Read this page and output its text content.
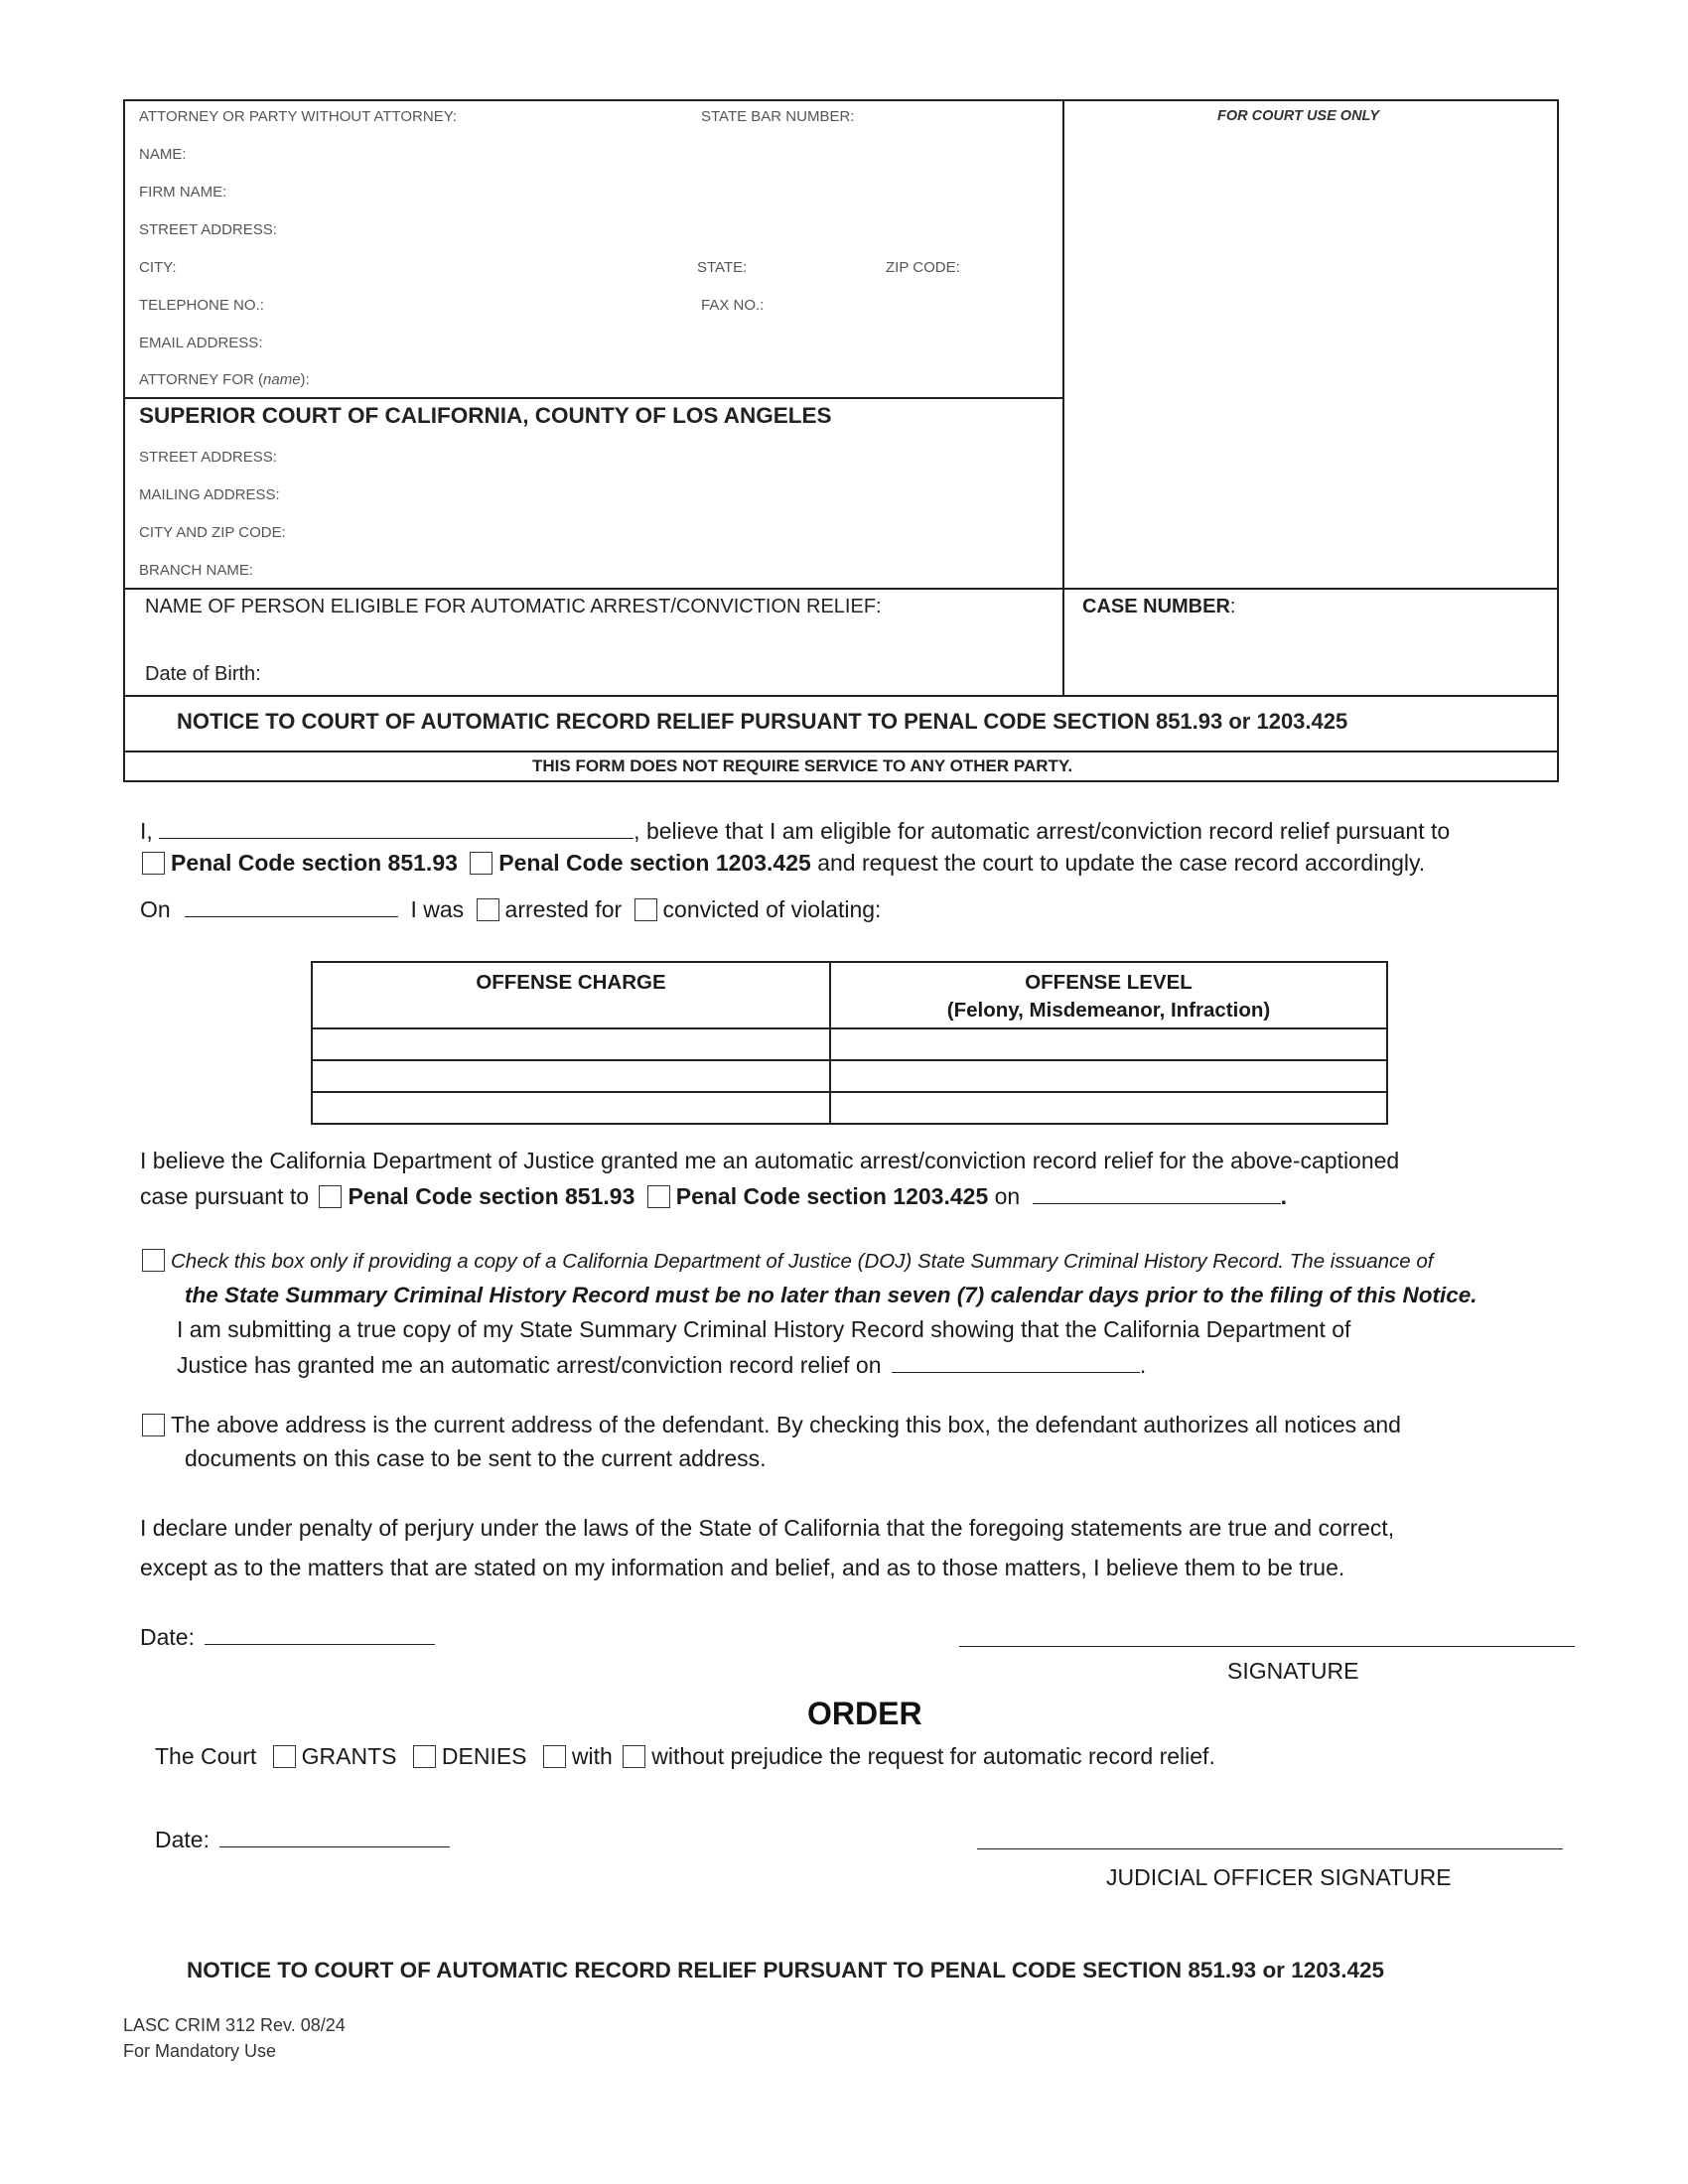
ATTORNEY OR PARTY WITHOUT ATTORNEY:	STATE BAR NUMBER:	FOR COURT USE ONLY
NAME:
FIRM NAME:
STREET ADDRESS:
CITY:	STATE:	ZIP CODE:
TELEPHONE NO.:	FAX NO.:
EMAIL ADDRESS:
ATTORNEY FOR (name):
SUPERIOR COURT OF CALIFORNIA, COUNTY OF LOS ANGELES
STREET ADDRESS:
MAILING ADDRESS:
CITY AND ZIP CODE:
BRANCH NAME:
NAME OF PERSON ELIGIBLE FOR AUTOMATIC ARREST/CONVICTION RELIEF:
Date of Birth:
CASE NUMBER:
NOTICE TO COURT OF AUTOMATIC RECORD RELIEF PURSUANT TO PENAL CODE SECTION 851.93 or 1203.425
THIS FORM DOES NOT REQUIRE SERVICE TO ANY OTHER PARTY.
I,	, believe that I am eligible for automatic arrest/conviction record relief pursuant to
Penal Code section 851.93 Penal Code section 1203.425 and request the court to update the case record accordingly.
On	I was arrested for convicted of violating:
OFFENSE CHARGE	OFFENSE LEVEL
(Felony, Misdemeanor, Infraction)

I believe the California Department of Justice granted me an automatic arrest/conviction record relief for the above-captioned
case pursuant to Penal Code section 851.93 Penal Code section 1203.425 on	.
Check this box only if providing a copy of a California Department of Justice (DOJ) State Summary Criminal History Record. The issuance of
the State Summary Criminal History Record must be no later than seven (7) calendar days prior to the filing of this Notice.
I am submitting a true copy of my State Summary Criminal History Record showing that the California Department of
Justice has granted me an automatic arrest/conviction record relief on	.
The above address is the current address of the defendant. By checking this box, the defendant authorizes all notices and
documents on this case to be sent to the current address.
I declare under penalty of perjury under the laws of the State of California that the foregoing statements are true and correct,
except as to the matters that are stated on my information and belief, and as to those matters, I believe them to be true.
Date:
SIGNATURE
ORDER
The Court GRANTS DENIES with without prejudice the request for automatic record relief.
Date:
JUDICIAL OFFICER SIGNATURE
NOTICE TO COURT OF AUTOMATIC RECORD RELIEF PURSUANT TO PENAL CODE SECTION 851.93 or 1203.425
LASC CRIM 312 Rev. 08/24
For Mandatory Use
